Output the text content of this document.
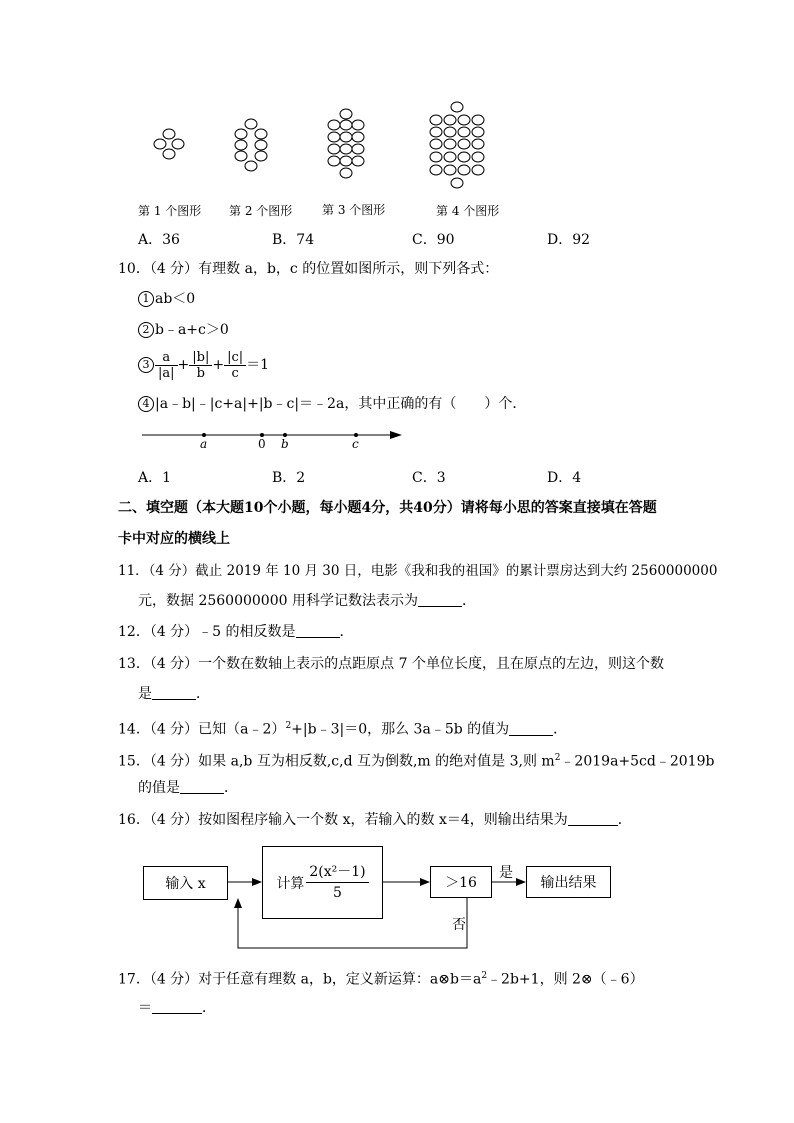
第 1 个图形 第 2 个图形 第 3 个图形	第 4 个图形
A．36	B．74	C．90	D．92
10．（4 分）有理数 a，b，c 的位置如图所示，则下列各式：
1 ab＜0
2 b﹣a+c＞0
$3 \frac{a}{|a|} + \frac{|b|}{b} + \frac{|c|}{c} =1$
4 |a﹣b|﹣|c+a|+|b﹣c|＝﹣2a，其中正确的有（　　）个．
a	0 b	c
A．1	B．2	C．3	D．4
二、填空题（本大题10个小题，每小题4分，共40分）请将每小思的答案直接填在答题
卡中对应的横线上
11．（4 分）截止 2019 年 10 月 30 日，电影《我和我的祖国》的累计票房达到大约 2560000000
元，数据 2560000000 用科学记数法表示为	．
12．（4 分）﹣5 的相反数是	．
13．（4 分）一个数在数轴上表示的点距原点 7 个单位长度，且在原点的左边，则这个数
是	．
14．（4 分）已知（a﹣2）$^2$+|b﹣3|＝0，那么 3a﹣5b 的值为	．
15．（4 分）如果 a,b 互为相反数,c,d 互为倒数,m 的绝对值是 3,则 $m^2﹣2019a+5cd﹣2019b$
的值是	．
16．（4 分）按如图程序输入一个数 x，若输入的数 x＝4，则输出结果为	．
输入 x	计算 $\frac{\text{2(x²－1)}}{5}$	＞16	输出结果
是
否
17．（4 分）对于任意有理数 a，b，定义新运算：$a\otimes b=a^2﹣2b+1$，则 2⊗（﹣6）
＝	．
